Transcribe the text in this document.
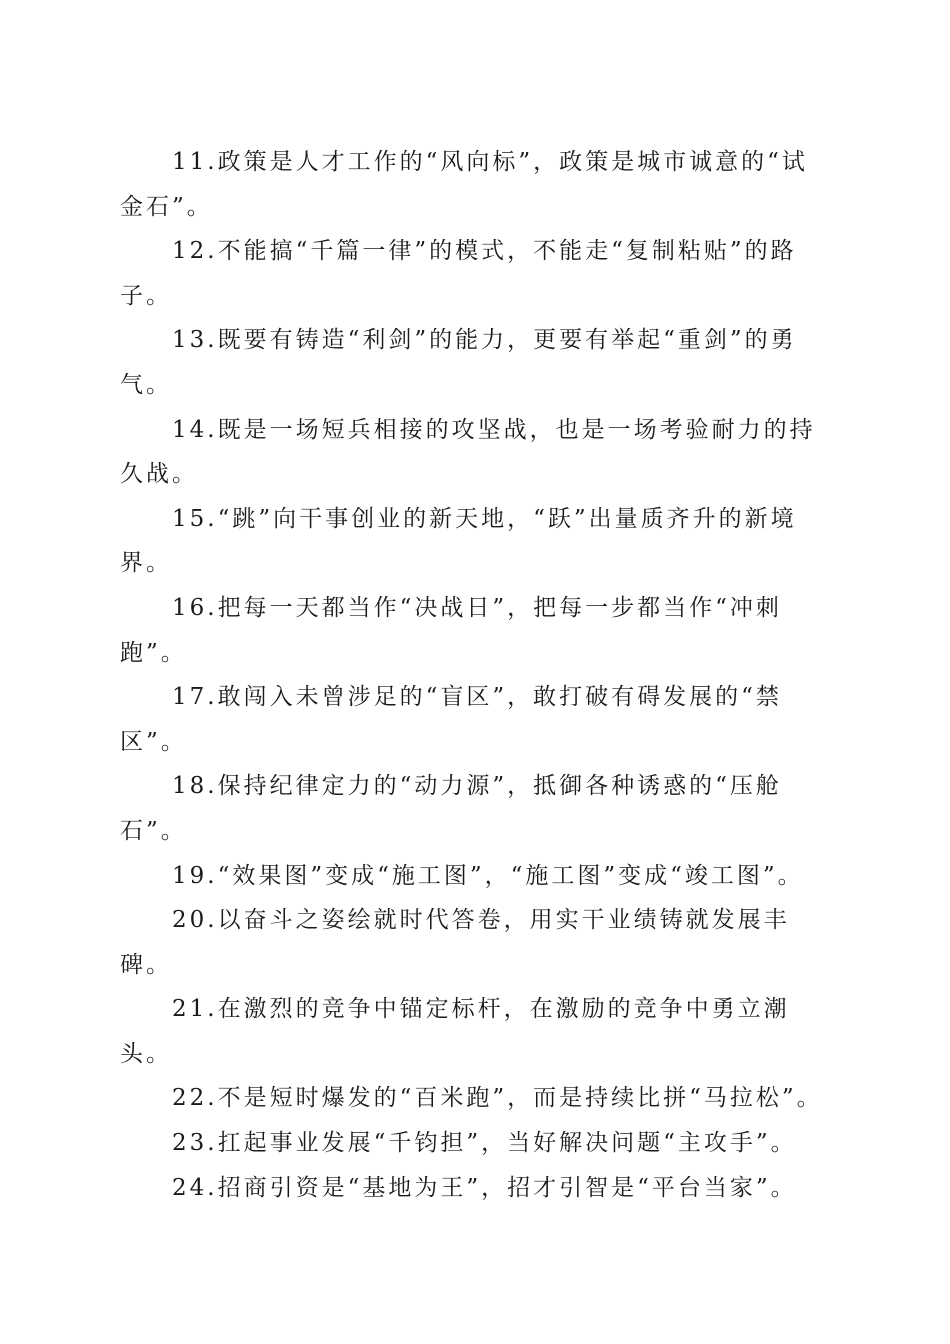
11.政策是人才工作的“风向标”，政策是城市诚意的“试金石”。

12.不能搞“千篇一律”的模式，不能走“复制粘贴”的路子。

13.既要有铸造“利剑”的能力，更要有举起“重剑”的勇气。

14.既是一场短兵相接的攻坚战，也是一场考验耐力的持久战。

15.“跳”向干事创业的新天地，“跃”出量质齐升的新境界。

16.把每一天都当作“决战日”，把每一步都当作“冲刺跑”。

17.敢闯入未曾涉足的“盲区”，敢打破有碍发展的“禁区”。

18.保持纪律定力的“动力源”，抵御各种诱惑的“压舱石”。

19.“效果图”变成“施工图”，“施工图”变成“竣工图”。

20.以奋斗之姿绘就时代答卷，用实干业绩铸就发展丰碑。

21.在激烈的竞争中锚定标杆，在激励的竞争中勇立潮头。

22.不是短时爆发的“百米跑”，而是持续比拼“马拉松”。

23.扛起事业发展“千钧担”，当好解决问题“主攻手”。

24.招商引资是“基地为王”，招才引智是“平台当家”。
